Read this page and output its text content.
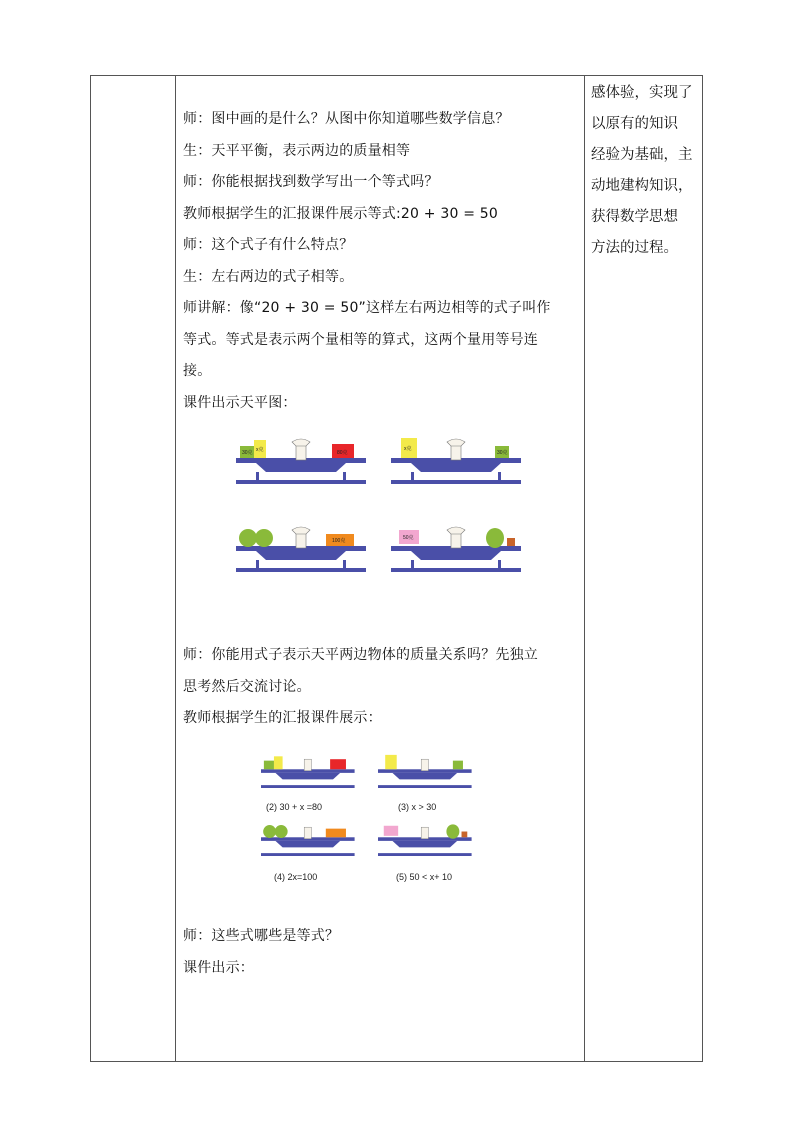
师：图中画的是什么？从图中你知道哪些数学信息？
生：天平平衡，表示两边的质量相等
师：你能根据找到数学写出一个等式吗？
教师根据学生的汇报课件展示等式:20 + 30 = 50
师：这个式子有什么特点？
生：左右两边的式子相等。
师讲解：像“20 + 30 = 50”这样左右两边相等的式子叫作
等式。等式是表示两个量相等的算式，这两个量用等号连
接。
课件出示天平图：
师：你能用式子表示天平两边物体的质量关系吗？先独立
思考然后交流讨论。
教师根据学生的汇报课件展示：
师：这些式哪些是等式？
课件出示：
感体验，实现了
以原有的知识
经验为基础，主
动地建构知识，
获得数学思想
方法的过程。
30克 x克	80克
x克
30克
100克	50克
(2) 30 + x =80	(3) x > 30
(4) 2x=100	(5) 50 < x+ 10
